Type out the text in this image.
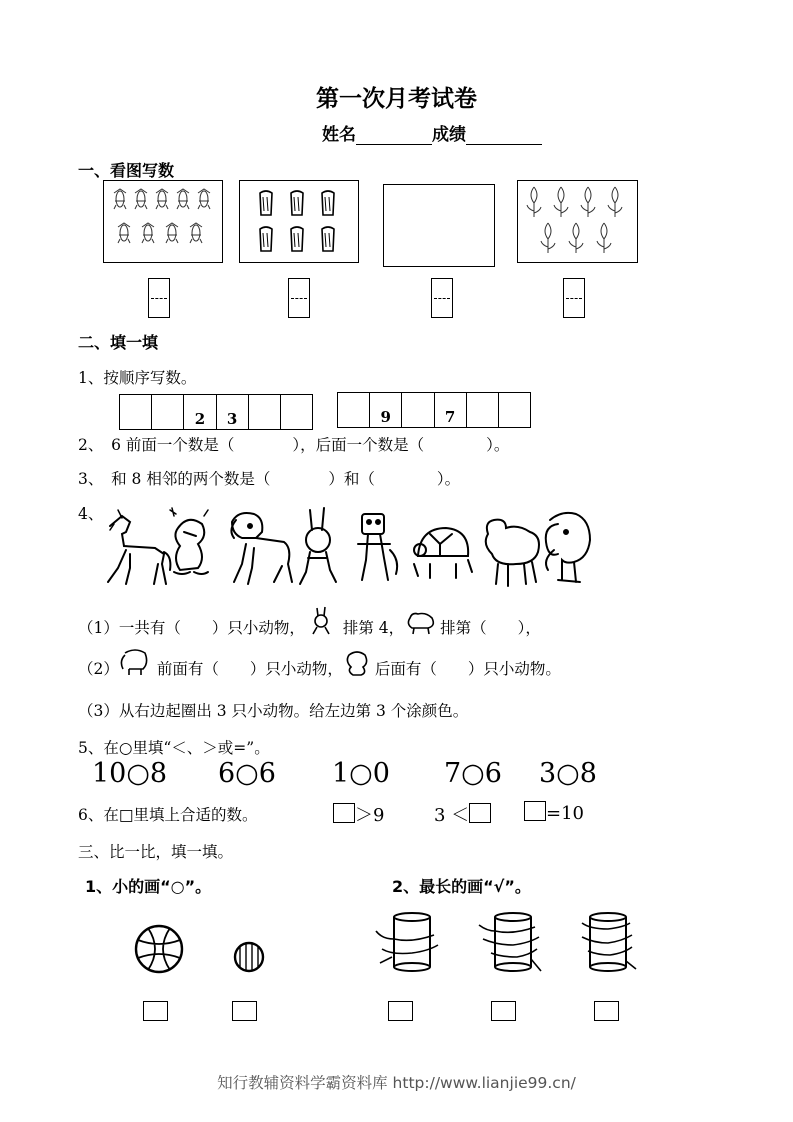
第一次月考试卷
姓名	成绩
一、看图写数
二、填一填
1、按顺序写数。
2	3	9	7
2、　6 前面一个数是（	），后面一个数是（	）。
3、　和 8 相邻的两个数是（	）和（	）。
4、
（1）一共有（　　）只小动物， 排第 4， 排第（　　），
（2） 前面有（　　）只小动物， 后面有（　　）只小动物。
（3）从右边起圈出 3 只小动物。给左边第 3 个涂颜色。
5、在○里填“＜、＞或=”。
10○8 6○6 1○0 7○6 3○8
6、在□里填上合适的数。	＞9	3 ＜	=10
三、比一比，填一填。
1、小的画“○”。	2、最长的画“√”。
知行教辅资料学霸资料库 http://www.lianjie99.cn/
